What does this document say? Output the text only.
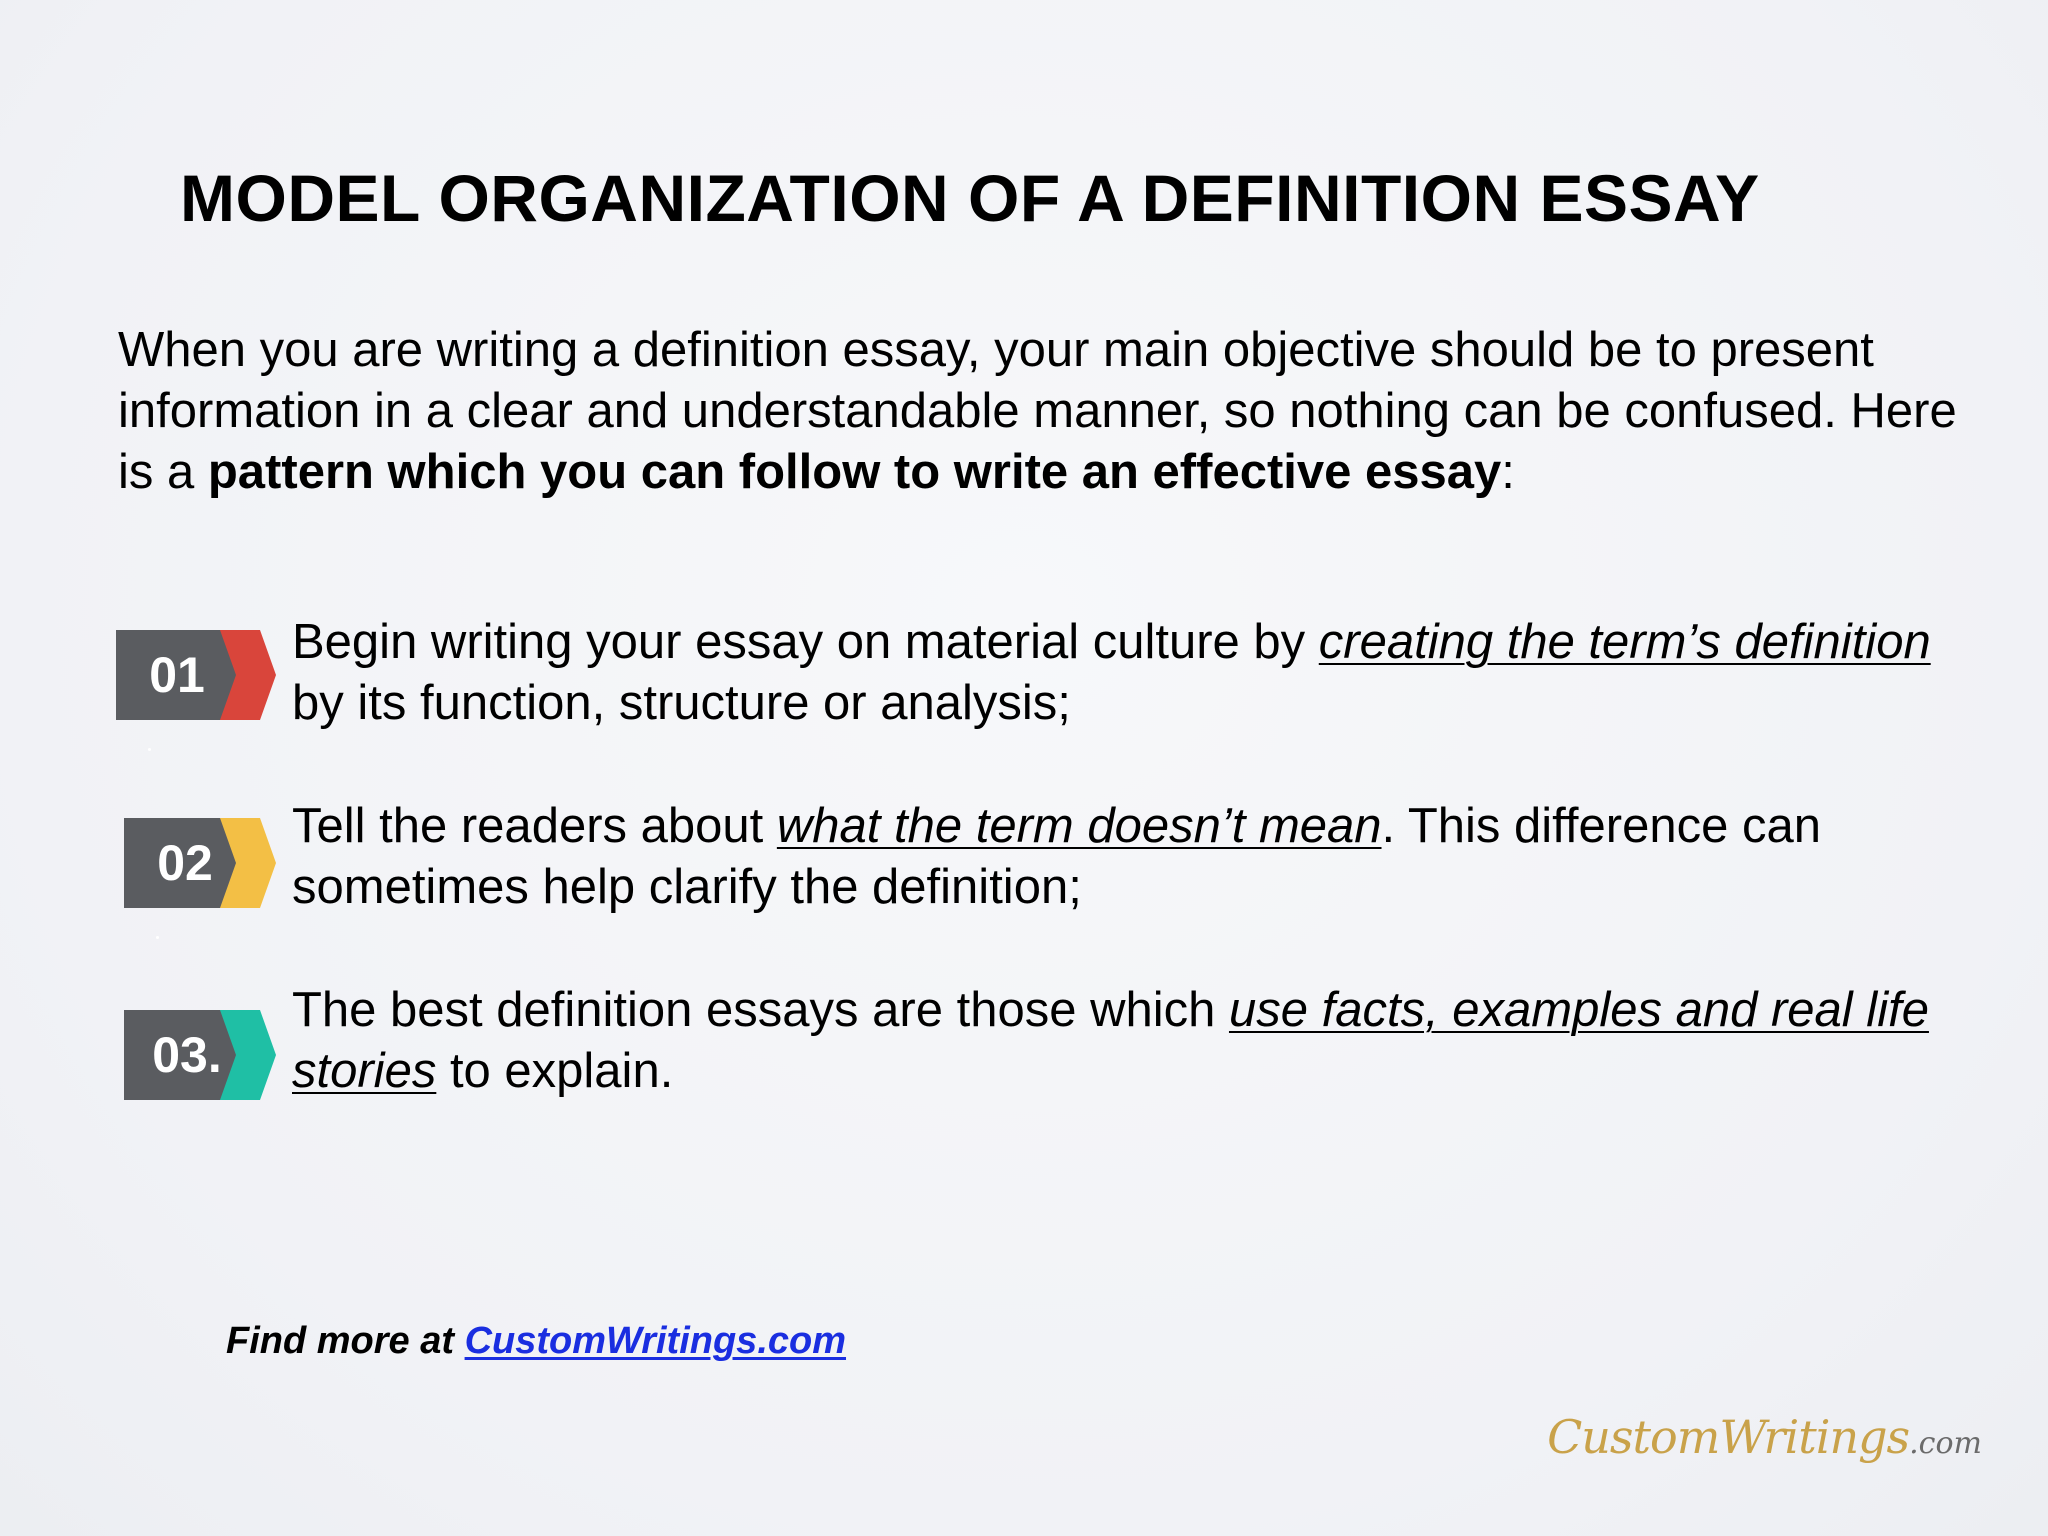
MODEL ORGANIZATION OF A DEFINITION ESSAY

When you are writing a definition essay, your main objective should be to present information in a clear and understandable manner, so nothing can be confused. Here is a pattern which you can follow to write an effective essay:

01

Begin writing your essay on material culture by creating the term’s definition by its function, structure or analysis;

02

Tell the readers about what the term doesn’t mean. This difference can sometimes help clarify the definition;

03.

The best definition essays are those which use facts, examples and real life stories to explain.

Find more at CustomWritings.com
CustomWritings.com
